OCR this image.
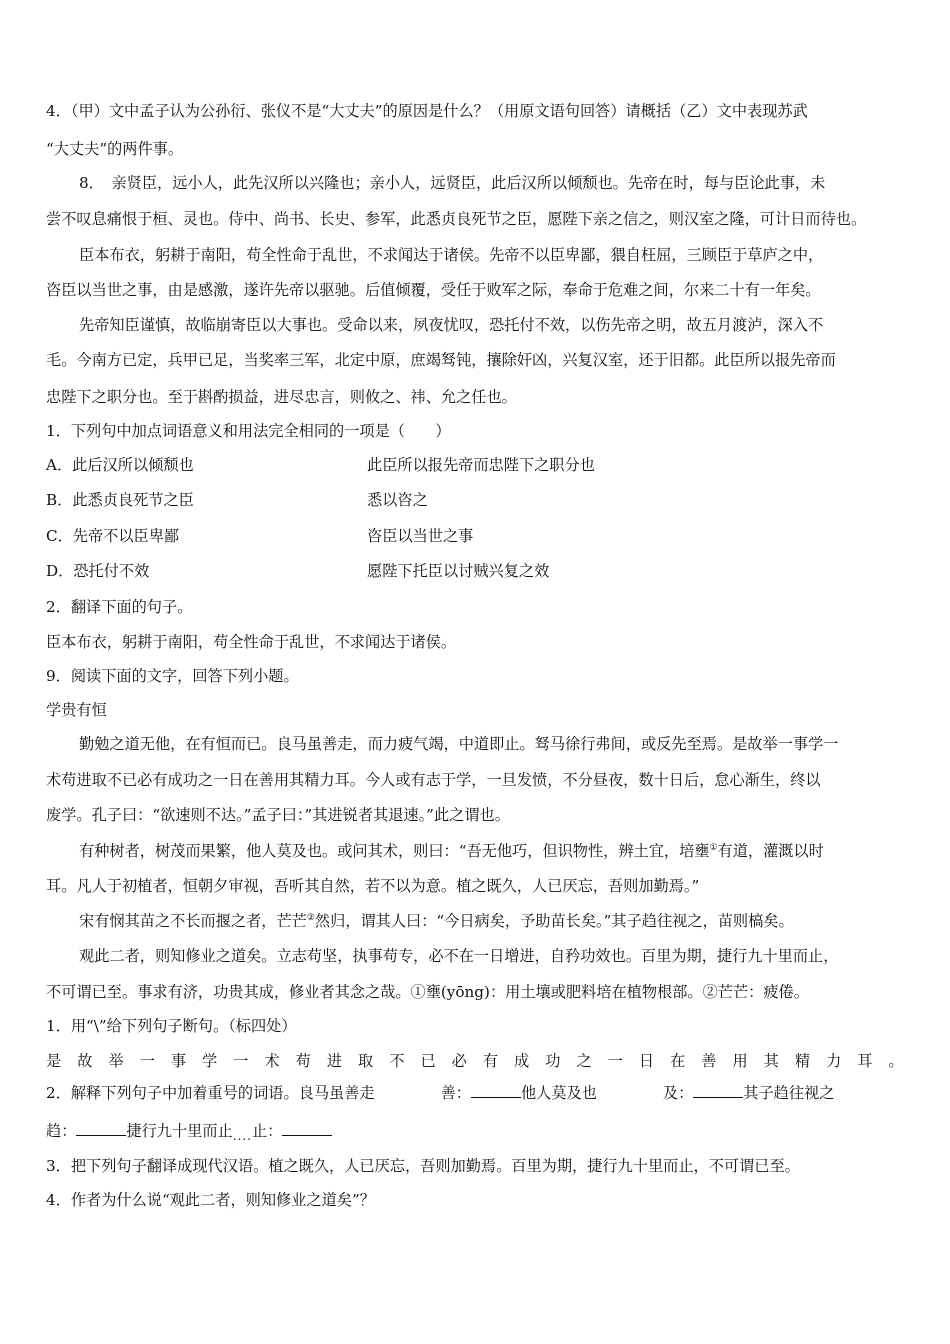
4．（甲）文中孟子认为公孙衍、张仪不是“大丈夫”的原因是什么？（用原文语句回答）请概括（乙）文中表现苏武
“大丈夫”的两件事。
8．　亲贤臣，远小人，此先汉所以兴隆也；亲小人，远贤臣，此后汉所以倾颓也。先帝在时，每与臣论此事，未
尝不叹息痛恨于桓、灵也。侍中、尚书、长史、参军，此悉贞良死节之臣，愿陛下亲之信之，则汉室之隆，可计日而待也。
臣本布衣，躬耕于南阳，苟全性命于乱世，不求闻达于诸侯。先帝不以臣卑鄙，猥自枉屈，三顾臣于草庐之中，
咨臣以当世之事，由是感激，遂许先帝以驱驰。后值倾覆，受任于败军之际，奉命于危难之间，尔来二十有一年矣。
先帝知臣谨慎，故临崩寄臣以大事也。受命以来，夙夜忧叹，恐托付不效，以伤先帝之明，故五月渡泸，深入不
毛。今南方已定，兵甲已足，当奖率三军，北定中原，庶竭驽钝，攘除奸凶，兴复汉室，还于旧都。此臣所以报先帝而
忠陛下之职分也。至于斟酌损益，进尽忠言，则攸之、祎、允之任也。
1．下列句中加点词语意义和用法完全相同的一项是（　　）
A．此后汉所以倾颓也	此臣所以报先帝而忠陛下之职分也
B．此悉贞良死节之臣	悉以咨之
C．先帝不以臣卑鄙	咨臣以当世之事
D．恐托付不效	愿陛下托臣以讨贼兴复之效
2．翻译下面的句子。
臣本布衣，躬耕于南阳，苟全性命于乱世，不求闻达于诸侯。
9．阅读下面的文字，回答下列小题。
学贵有恒
勤勉之道无他，在有恒而已。良马虽善走，而力疲气竭，中道即止。驽马徐行弗间，或反先至焉。是故举一事学一
术苟进取不已必有成功之一日在善用其精力耳。今人或有志于学，一旦发愤，不分昼夜，数十日后，怠心渐生，终以
废学。孔子曰：“欲速则不达。”孟子曰：”其进锐者其退速。”此之谓也。
有种树者，树茂而果繁，他人莫及也。或问其术，则曰：“吾无他巧，但识物性，辨土宜，培壅①有道，灌溉以时
耳。凡人于初植者，恒朝夕审视，吾听其自然，若不以为意。植之既久，人已厌忘，吾则加勤焉。”
宋有悯其苗之不长而揠之者，芒芒②然归，谓其人曰：“今日病矣，予助苗长矣。”其子趋往视之，苗则槁矣。
观此二者，则知修业之道矣。立志苟坚，执事苟专，必不在一日增进，自矜功效也。百里为期，捷行九十里而止，
不可谓已至。事求有济，功贵其成，修业者其念之哉。①壅(yōng)：用土壤或肥料培在植物根部。②芒芒：疲倦。
1．用“\”给下列句子断句。（标四处）
是 故 举 一 事 学 一 术 苟 进 取 不 已 必 有 成 功 之 一 日 在 善 用 其 精 力 耳 。
2．解释下列句子中加着重号的词语。良马虽善走	善：	他人莫及也	及：	其子趋往视之
趋：	捷行九十里而止$_{....}$止：
3．把下列句子翻译成现代汉语。植之既久，人已厌忘，吾则加勤焉。百里为期，捷行九十里而止，不可谓已至。
4．作者为什么说“观此二者，则知修业之道矣”？
